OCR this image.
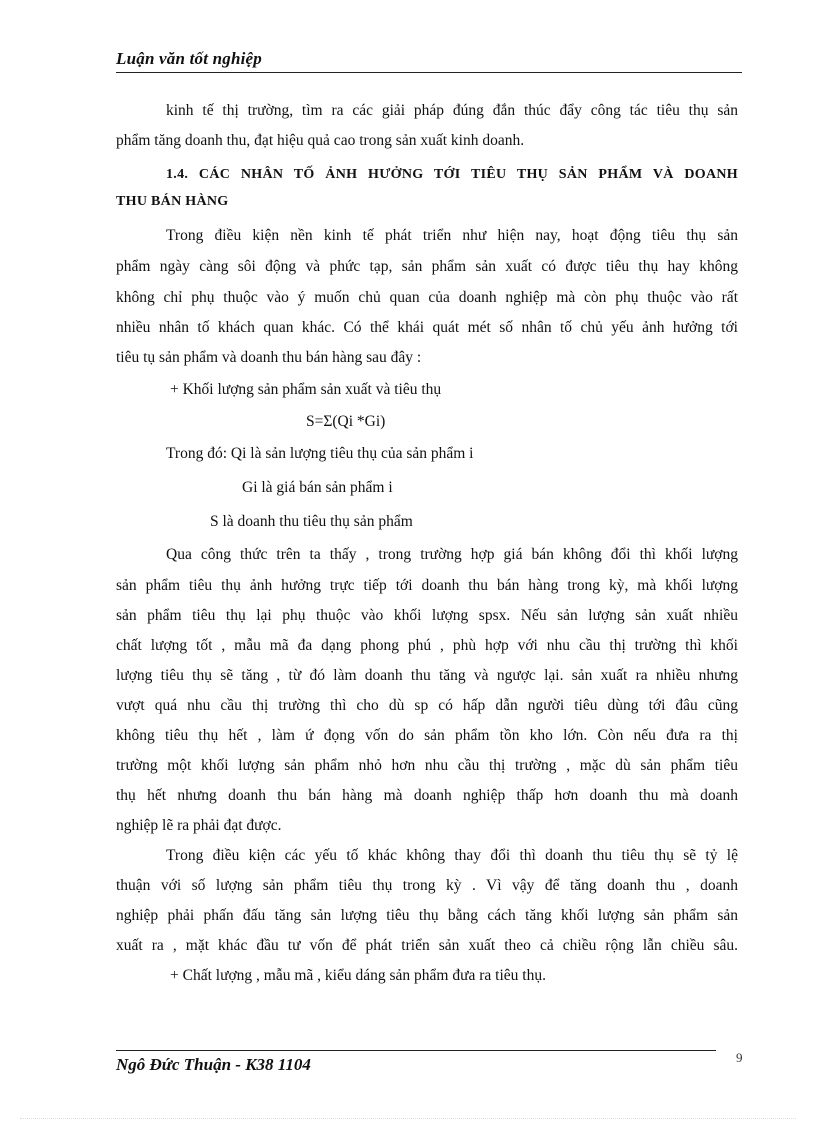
Luận văn tốt nghiệp
kinh tế thị trường, tìm ra các giải pháp đúng đắn thúc đẩy công tác tiêu thụ sản
phẩm tăng doanh thu, đạt hiệu quả cao trong sản xuất kinh doanh.
1.4. CÁC NHÂN TỐ ẢNH HƯỞNG TỚI TIÊU THỤ SẢN PHẨM VÀ DOANH
THU BÁN HÀNG
Trong điều kiện nền kinh tế phát triển như hiện nay, hoạt động tiêu thụ sản
phẩm ngày càng sôi động và phức tạp, sản phẩm sản xuất có được tiêu thụ hay không
không chỉ phụ thuộc vào ý muốn chủ quan của doanh nghiệp mà còn phụ thuộc vào rất
nhiều nhân tố khách quan khác. Có thể khái quát mét số nhân tố chủ yếu ảnh hưởng tới
tiêu tụ sản phẩm và doanh thu bán hàng sau đây :
+ Khối lượng sản phẩm sản xuất và tiêu thụ
S=Σ(Qi *Gi)
Trong đó: Qi là sản lượng tiêu thụ của sản phẩm i
Gi là giá bán sản phẩm i
S là doanh thu tiêu thụ sản phẩm
Qua công thức trên ta thấy , trong trường hợp giá bán không đổi thì khối lượng
sản phẩm tiêu thụ ảnh hưởng trực tiếp tới doanh thu bán hàng trong kỳ, mà khối lượng
sản phẩm tiêu thụ lại phụ thuộc vào khối lượng spsx. Nếu sản lượng sản xuất nhiều
chất lượng tốt , mẫu mã đa dạng phong phú , phù hợp với nhu cầu thị trường thì khối
lượng tiêu thụ sẽ tăng , từ đó làm doanh thu tăng và ngược lại. sản xuất ra nhiều nhưng
vượt quá nhu cầu thị trường thì cho dù sp có hấp dẫn người tiêu dùng tới đâu cũng
không tiêu thụ hết , làm ứ đọng vốn do sản phẩm tồn kho lớn. Còn nếu đưa ra thị
trường một khối lượng sản phẩm nhỏ hơn nhu cầu thị trường , mặc dù sản phẩm tiêu
thụ hết nhưng doanh thu bán hàng mà doanh nghiệp thấp hơn doanh thu mà doanh
nghiệp lẽ ra phải đạt được.
Trong điều kiện các yếu tố khác không thay đổi thì doanh thu tiêu thụ sẽ tỷ lệ
thuận với số lượng sản phẩm tiêu thụ trong kỳ . Vì vậy để tăng doanh thu , doanh
nghiệp phải phấn đấu tăng sản lượng tiêu thụ bằng cách tăng khối lượng sản phẩm sản
xuất ra , mặt khác đầu tư vốn để phát triển sản xuất theo cả chiều rộng lẫn chiều sâu.
+ Chất lượng , mẫu mã , kiểu dáng sản phẩm đưa ra tiêu thụ.
Ngô Đức Thuận - K38 1104	9
